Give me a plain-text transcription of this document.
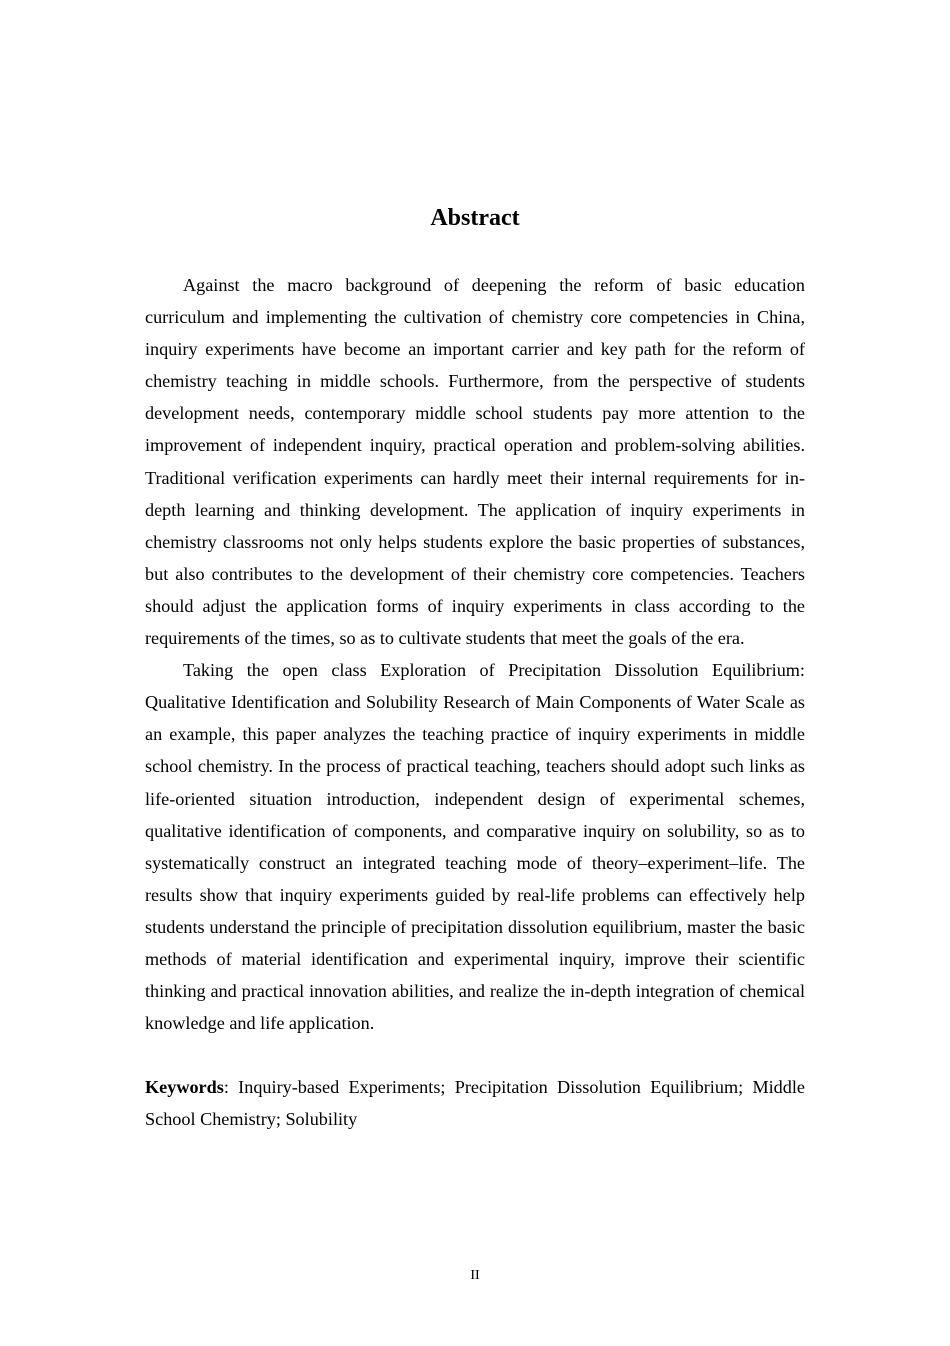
Abstract

Against the macro background of deepening the reform of basic education curriculum and implementing the cultivation of chemistry core competencies in China, inquiry experiments have become an important carrier and key path for the reform of chemistry teaching in middle schools. Furthermore, from the perspective of students development needs, contemporary middle school students pay more attention to the improvement of independent inquiry, practical operation and problem-solving abilities. Traditional verification experiments can hardly meet their internal requirements for in-depth learning and thinking development. The application of inquiry experiments in chemistry classrooms not only helps students explore the basic properties of substances, but also contributes to the development of their chemistry core competencies. Teachers should adjust the application forms of inquiry experiments in class according to the requirements of the times, so as to cultivate students that meet the goals of the era.

Taking the open class Exploration of Precipitation Dissolution Equilibrium: Qualitative Identification and Solubility Research of Main Components of Water Scale as an example, this paper analyzes the teaching practice of inquiry experiments in middle school chemistry. In the process of practical teaching, teachers should adopt such links as life-oriented situation introduction, independent design of experimental schemes, qualitative identification of components, and comparative inquiry on solubility, so as to systematically construct an integrated teaching mode of theory–experiment–life. The results show that inquiry experiments guided by real-life problems can effectively help students understand the principle of precipitation dissolution equilibrium, master the basic methods of material identification and experimental inquiry, improve their scientific thinking and practical innovation abilities, and realize the in-depth integration of chemical knowledge and life application.

Keywords: Inquiry-based Experiments; Precipitation Dissolution Equilibrium; Middle School Chemistry; Solubility

II
